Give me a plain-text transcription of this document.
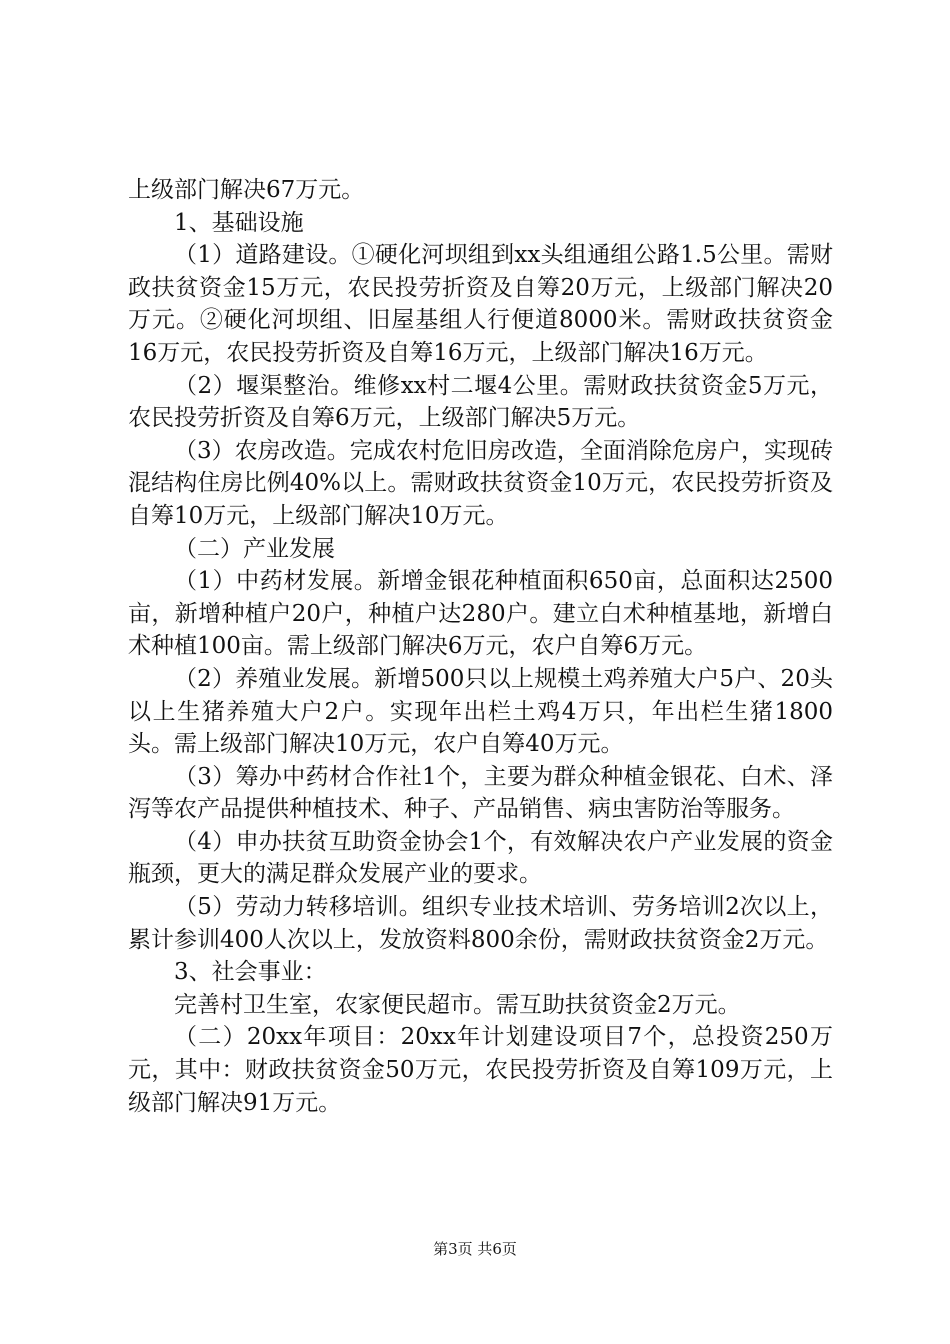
上级部门解决67万元。

1、基础设施

（1）道路建设。①硬化河坝组到xx头组通组公路1.5公里。需财政扶贫资金15万元，农民投劳折资及自筹20万元，上级部门解决20万元。②硬化河坝组、旧屋基组人行便道8000米。需财政扶贫资金16万元，农民投劳折资及自筹16万元，上级部门解决16万元。

（2）堰渠整治。维修xx村二堰4公里。需财政扶贫资金5万元，农民投劳折资及自筹6万元，上级部门解决5万元。

（3）农房改造。完成农村危旧房改造，全面消除危房户，实现砖混结构住房比例40%以上。需财政扶贫资金10万元，农民投劳折资及自筹10万元，上级部门解决10万元。

（二）产业发展

（1）中药材发展。新增金银花种植面积650亩，总面积达2500亩，新增种植户20户，种植户达280户。建立白术种植基地，新增白术种植100亩。需上级部门解决6万元，农户自筹6万元。

（2）养殖业发展。新增500只以上规模土鸡养殖大户5户、20头以上生猪养殖大户2户。实现年出栏土鸡4万只，年出栏生猪1800头。需上级部门解决10万元，农户自筹40万元。

（3）筹办中药材合作社1个，主要为群众种植金银花、白术、泽泻等农产品提供种植技术、种子、产品销售、病虫害防治等服务。

（4）申办扶贫互助资金协会1个，有效解决农户产业发展的资金瓶颈，更大的满足群众发展产业的要求。

（5）劳动力转移培训。组织专业技术培训、劳务培训2次以上，累计参训400人次以上，发放资料800余份，需财政扶贫资金2万元。

3、社会事业：

完善村卫生室，农家便民超市。需互助扶贫资金2万元。

（二）20xx年项目：20xx年计划建设项目7个，总投资250万元，其中：财政扶贫资金50万元，农民投劳折资及自筹109万元，上级部门解决91万元。

第3页 共6页
